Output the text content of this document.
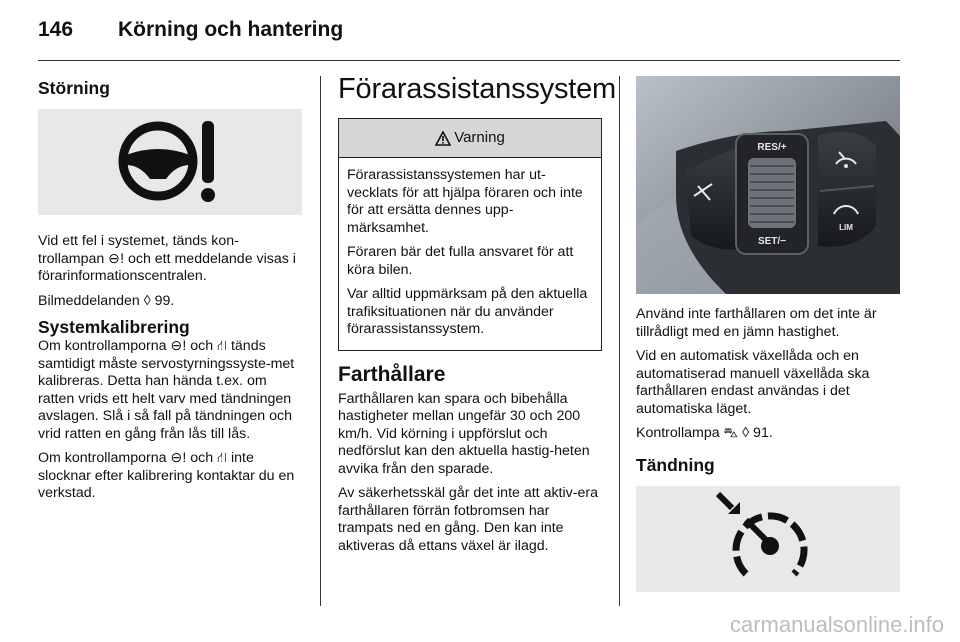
146 Körning och hantering
Störning

Vid ett fel i systemet, tänds kon-trollampan ⊖! och ett meddelande visas i förarinformationscentralen.

Bilmeddelanden ◊ 99.

Systemkalibrering

Om kontrollamporna ⊖! och ⛙ tänds samtidigt måste servostyrningssyste-met kalibreras. Detta han hända t.ex. om ratten vrids ett helt varv med tändningen avslagen. Slå i så fall på tändningen och vrid ratten en gång från lås till lås.

Om kontrollamporna ⊖! och ⛙ inte slocknar efter kalibrering kontaktar du en verkstad.

Förarassistanssystem
Varning

Förarassistanssystemen har ut-vecklats för att hjälpa föraren och inte för att ersätta dennes upp-märksamhet.

Föraren bär det fulla ansvaret för att köra bilen.

Var alltid uppmärksam på den aktuella trafiksituationen när du använder förarassistanssystem.

Farthållare

Farthållaren kan spara och bibehålla hastigheter mellan ungefär 30 och 200 km/h. Vid körning i uppförslut och nedförslut kan den aktuella hastig-heten avvika från den sparade.

Av säkerhetsskäl går det inte att aktiv-era farthållaren förrän fotbromsen har trampats ned en gång. Den kan inte aktiveras då ettans växel är ilagd.

RES/+
SET/−
LIM

Använd inte farthållaren om det inte är tillrådligt med en jämn hastighet.

Vid en automatisk växellåda och en automatiserad manuell växellåda ska farthållaren endast användas i det automatiska läget.

Kontrollampa ⛍ ◊ 91.

Tändning
carmanualsonline.info
